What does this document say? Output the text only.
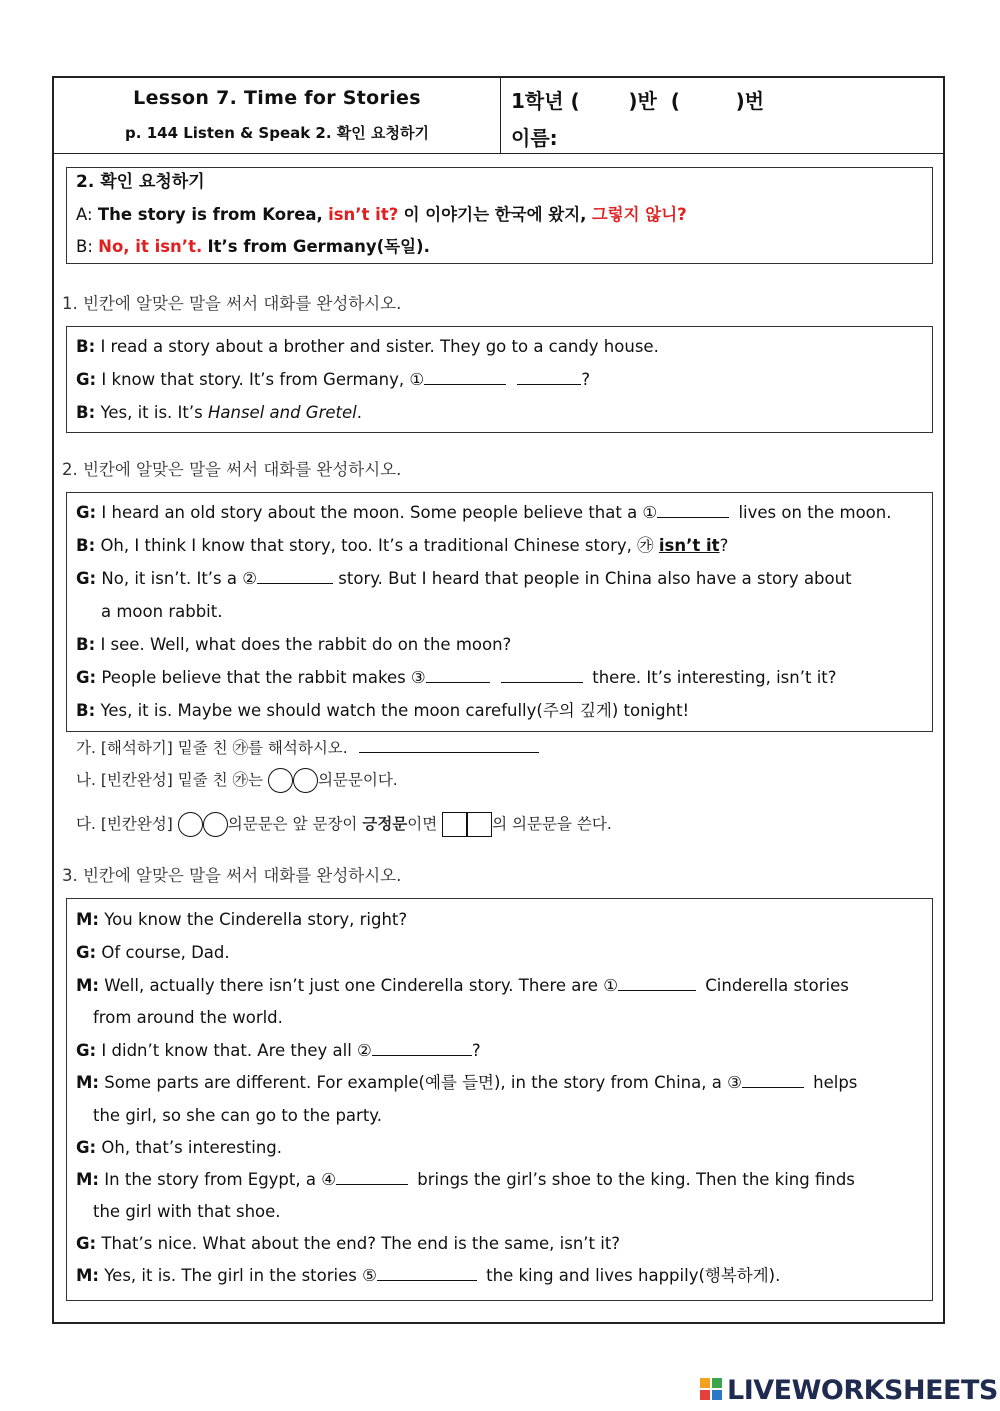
Lesson 7. Time for Stories
p. 144 Listen & Speak 2. 확인 요청하기
1학년 (       )반  (        )번
이름:
2. 확인 요청하기
A: The story is from Korea, isn’t it? 이 이야기는 한국에 왔지, 그렇지 않니?
B: No, it isn’t. It’s from Germany(독일).
1. 빈칸에 알맞은 말을 써서 대화를 완성하시오.
B: I read a story about a brother and sister. They go to a candy house.
G: I know that story. It’s from Germany, ①	?
B: Yes, it is. It’s Hansel and Gretel.
2. 빈칸에 알맞은 말을 써서 대화를 완성하시오.
G: I heard an old story about the moon. Some people believe that a ①	lives on the moon.
B: Oh, I think I know that story, too. It’s a traditional Chinese story, ㉮ isn’t it?
G: No, it isn’t. It’s a ②	story. But I heard that people in China also have a story about
a moon rabbit.
B: I see. Well, what does the rabbit do on the moon?
G: People believe that the rabbit makes ③	there. It’s interesting, isn’t it?
B: Yes, it is. Maybe we should watch the moon carefully(주의 깊게) tonight!
가. [해석하기] 밑줄 친 ㉮를 해석하시오.
나. [빈칸완성] 밑줄 친 ㉮는	의문문이다.
다. [빈칸완성]	의문문은 앞 문장이 긍정문이면	의 의문문을 쓴다.
3. 빈칸에 알맞은 말을 써서 대화를 완성하시오.
M: You know the Cinderella story, right?
G: Of course, Dad.
M: Well, actually there isn’t just one Cinderella story. There are ①	Cinderella stories
from around the world.
G: I didn’t know that. Are they all ②	?
M: Some parts are different. For example(예를 들면), in the story from China, a ③	helps
the girl, so she can go to the party.
G: Oh, that’s interesting.
M: In the story from Egypt, a ④	brings the girl’s shoe to the king. Then the king finds
the girl with that shoe.
G: That’s nice. What about the end? The end is the same, isn’t it?
M: Yes, it is. The girl in the stories ⑤	the king and lives happily(행복하게).
LIVEWORKSHEETS
